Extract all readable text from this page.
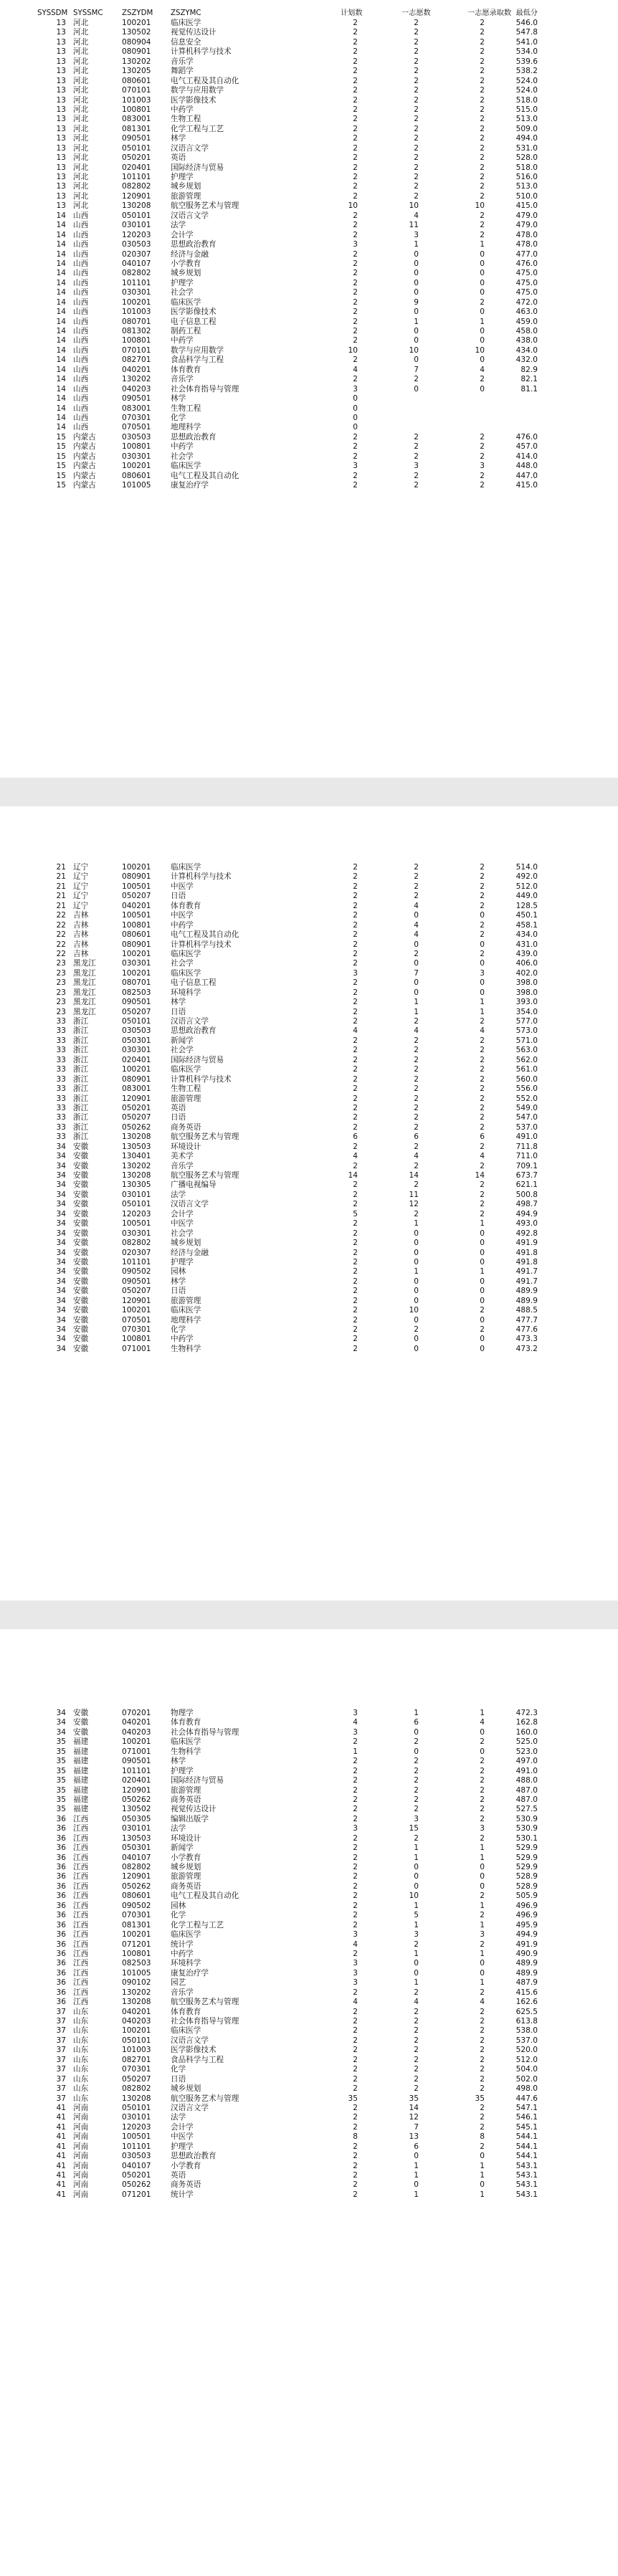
SYSSDM SYSSMC	ZSZYDM ZSZYMC	计划数	一志愿数	一志愿录取数 最低分
13 河北	100201	临床医学	2	2	2	546.0
13 河北	130502	视觉传达设计	2	2	2	547.8
13 河北	080904	信息安全	2	2	2	541.0
13 河北	080901	计算机科学与技术	2	2	2	534.0
13 河北	130202	音乐学	2	2	2	539.6
13 河北	130205	舞蹈学	2	2	2	538.2
13 河北	080601	电气工程及其自动化	2	2	2	524.0
13 河北	070101	数学与应用数学	2	2	2	524.0
13 河北	101003	医学影像技术	2	2	2	518.0
13 河北	100801	中药学	2	2	2	515.0
13 河北	083001	生物工程	2	2	2	513.0
13 河北	081301	化学工程与工艺	2	2	2	509.0
13 河北	090501	林学	2	2	2	494.0
13 河北	050101	汉语言文学	2	2	2	531.0
13 河北	050201	英语	2	2	2	528.0
13 河北	020401	国际经济与贸易	2	2	2	518.0
13 河北	101101	护理学	2	2	2	516.0
13 河北	082802	城乡规划	2	2	2	513.0
13 河北	120901	旅游管理	2	2	2	510.0
13 河北	130208	航空服务艺术与管理	10	10	10	415.0
14 山西	050101	汉语言文学	2	4	2	479.0
14 山西	030101	法学	2	11	2	479.0
14 山西	120203	会计学	2	3	2	478.0
14 山西	030503	思想政治教育	3	1	1	478.0
14 山西	020307	经济与金融	2	0	0	477.0
14 山西	040107	小学教育	2	0	0	476.0
14 山西	082802	城乡规划	2	0	0	475.0
14 山西	101101	护理学	2	0	0	475.0
14 山西	030301	社会学	2	0	0	475.0
14 山西	100201	临床医学	2	9	2	472.0
14 山西	101003	医学影像技术	2	0	0	463.0
14 山西	080701	电子信息工程	2	1	1	459.0
14 山西	081302	制药工程	2	0	0	458.0
14 山西	100801	中药学	2	0	0	438.0
14 山西	070101	数学与应用数学	10	10	10	434.0
14 山西	082701	食品科学与工程	2	0	0	432.0
14 山西	040201	体育教育	4	7	4	82.9
14 山西	130202	音乐学	2	2	2	82.1
14 山西	040203	社会体育指导与管理	3	0	0	81.1
14 山西	090501	林学	0
14 山西	083001	生物工程	0
14 山西	070301	化学	0
14 山西	070501	地理科学	0
15 内蒙古	030503	思想政治教育	2	2	2	476.0
15 内蒙古	100801	中药学	2	2	2	457.0
15 内蒙古	030301	社会学	2	2	2	414.0
15 内蒙古	100201	临床医学	3	3	3	448.0
15 内蒙古	080601	电气工程及其自动化	2	2	2	447.0
15 内蒙古	101005	康复治疗学	2	2	2	415.0
21 辽宁	100201	临床医学	2	2	2	514.0
21 辽宁	080901	计算机科学与技术	2	2	2	492.0
21 辽宁	100501	中医学	2	2	2	512.0
21 辽宁	050207	日语	2	2	2	449.0
21 辽宁	040201	体育教育	2	4	2	128.5
22 吉林	100501	中医学	2	0	0	450.1
22 吉林	100801	中药学	2	4	2	458.1
22 吉林	080601	电气工程及其自动化	2	4	2	434.0
22 吉林	080901	计算机科学与技术	2	0	0	431.0
22 吉林	100201	临床医学	2	2	2	439.0
23 黑龙江	030301	社会学	2	0	0	406.0
23 黑龙江	100201	临床医学	3	7	3	402.0
23 黑龙江	080701	电子信息工程	2	0	0	398.0
23 黑龙江	082503	环境科学	2	0	0	398.0
23 黑龙江	090501	林学	2	1	1	393.0
23 黑龙江	050207	日语	2	1	1	354.0
33 浙江	050101	汉语言文学	2	2	2	577.0
33 浙江	030503	思想政治教育	4	4	4	573.0
33 浙江	050301	新闻学	2	2	2	571.0
33 浙江	030301	社会学	2	2	2	563.0
33 浙江	020401	国际经济与贸易	2	2	2	562.0
33 浙江	100201	临床医学	2	2	2	561.0
33 浙江	080901	计算机科学与技术	2	2	2	560.0
33 浙江	083001	生物工程	2	2	2	556.0
33 浙江	120901	旅游管理	2	2	2	552.0
33 浙江	050201	英语	2	2	2	549.0
33 浙江	050207	日语	2	2	2	547.0
33 浙江	050262	商务英语	2	2	2	537.0
33 浙江	130208	航空服务艺术与管理	6	6	6	491.0
34 安徽	130503	环境设计	2	2	2	711.8
34 安徽	130401	美术学	4	4	4	711.0
34 安徽	130202	音乐学	2	2	2	709.1
34 安徽	130208	航空服务艺术与管理	14	14	14	673.7
34 安徽	130305	广播电视编导	2	2	2	621.1
34 安徽	030101	法学	2	11	2	500.8
34 安徽	050101	汉语言文学	2	12	2	498.7
34 安徽	120203	会计学	5	2	2	494.9
34 安徽	100501	中医学	2	1	1	493.0
34 安徽	030301	社会学	2	0	0	492.8
34 安徽	082802	城乡规划	2	0	0	491.9
34 安徽	020307	经济与金融	2	0	0	491.8
34 安徽	101101	护理学	2	0	0	491.8
34 安徽	090502	园林	2	1	1	491.7
34 安徽	090501	林学	2	0	0	491.7
34 安徽	050207	日语	2	0	0	489.9
34 安徽	120901	旅游管理	2	0	0	489.9
34 安徽	100201	临床医学	2	10	2	488.5
34 安徽	070501	地理科学	2	0	0	477.7
34 安徽	070301	化学	2	2	2	477.6
34 安徽	100801	中药学	2	0	0	473.3
34 安徽	071001	生物科学	2	0	0	473.2
34 安徽	070201	物理学	3	1	1	472.3
34 安徽	040201	体育教育	4	6	4	162.8
34 安徽	040203	社会体育指导与管理	3	0	0	160.0
35 福建	100201	临床医学	2	2	2	525.0
35 福建	071001	生物科学	1	0	0	523.0
35 福建	090501	林学	2	2	2	497.0
35 福建	101101	护理学	2	2	2	491.0
35 福建	020401	国际经济与贸易	2	2	2	488.0
35 福建	120901	旅游管理	2	2	2	487.0
35 福建	050262	商务英语	2	2	2	487.0
35 福建	130502	视觉传达设计	2	2	2	527.5
36 江西	050305	编辑出版学	2	3	2	530.9
36 江西	030101	法学	3	15	3	530.9
36 江西	130503	环境设计	2	2	2	530.1
36 江西	050301	新闻学	2	1	1	529.9
36 江西	040107	小学教育	2	1	1	529.9
36 江西	082802	城乡规划	2	0	0	529.9
36 江西	120901	旅游管理	2	0	0	528.9
36 江西	050262	商务英语	2	0	0	528.9
36 江西	080601	电气工程及其自动化	2	10	2	505.9
36 江西	090502	园林	2	1	1	496.9
36 江西	070301	化学	2	5	2	496.9
36 江西	081301	化学工程与工艺	2	1	1	495.9
36 江西	100201	临床医学	3	3	3	494.9
36 江西	071201	统计学	4	2	2	491.9
36 江西	100801	中药学	2	1	1	490.9
36 江西	082503	环境科学	3	0	0	489.9
36 江西	101005	康复治疗学	3	0	0	489.9
36 江西	090102	园艺	3	1	1	487.9
36 江西	130202	音乐学	2	2	2	415.6
36 江西	130208	航空服务艺术与管理	4	4	4	162.6
37 山东	040201	体育教育	2	2	2	625.5
37 山东	040203	社会体育指导与管理	2	2	2	613.8
37 山东	100201	临床医学	2	2	2	538.0
37 山东	050101	汉语言文学	2	2	2	537.0
37 山东	101003	医学影像技术	2	2	2	520.0
37 山东	082701	食品科学与工程	2	2	2	512.0
37 山东	070301	化学	2	2	2	504.0
37 山东	050207	日语	2	2	2	502.0
37 山东	082802	城乡规划	2	2	2	498.0
37 山东	130208	航空服务艺术与管理	35	35	35	447.6
41 河南	050101	汉语言文学	2	14	2	547.1
41 河南	030101	法学	2	12	2	546.1
41 河南	120203	会计学	2	7	2	545.1
41 河南	100501	中医学	8	13	8	544.1
41 河南	101101	护理学	2	6	2	544.1
41 河南	030503	思想政治教育	2	0	0	544.1
41 河南	040107	小学教育	2	1	1	543.1
41 河南	050201	英语	2	1	1	543.1
41 河南	050262	商务英语	2	0	0	543.1
41 河南	071201	统计学	2	1	1	543.1
